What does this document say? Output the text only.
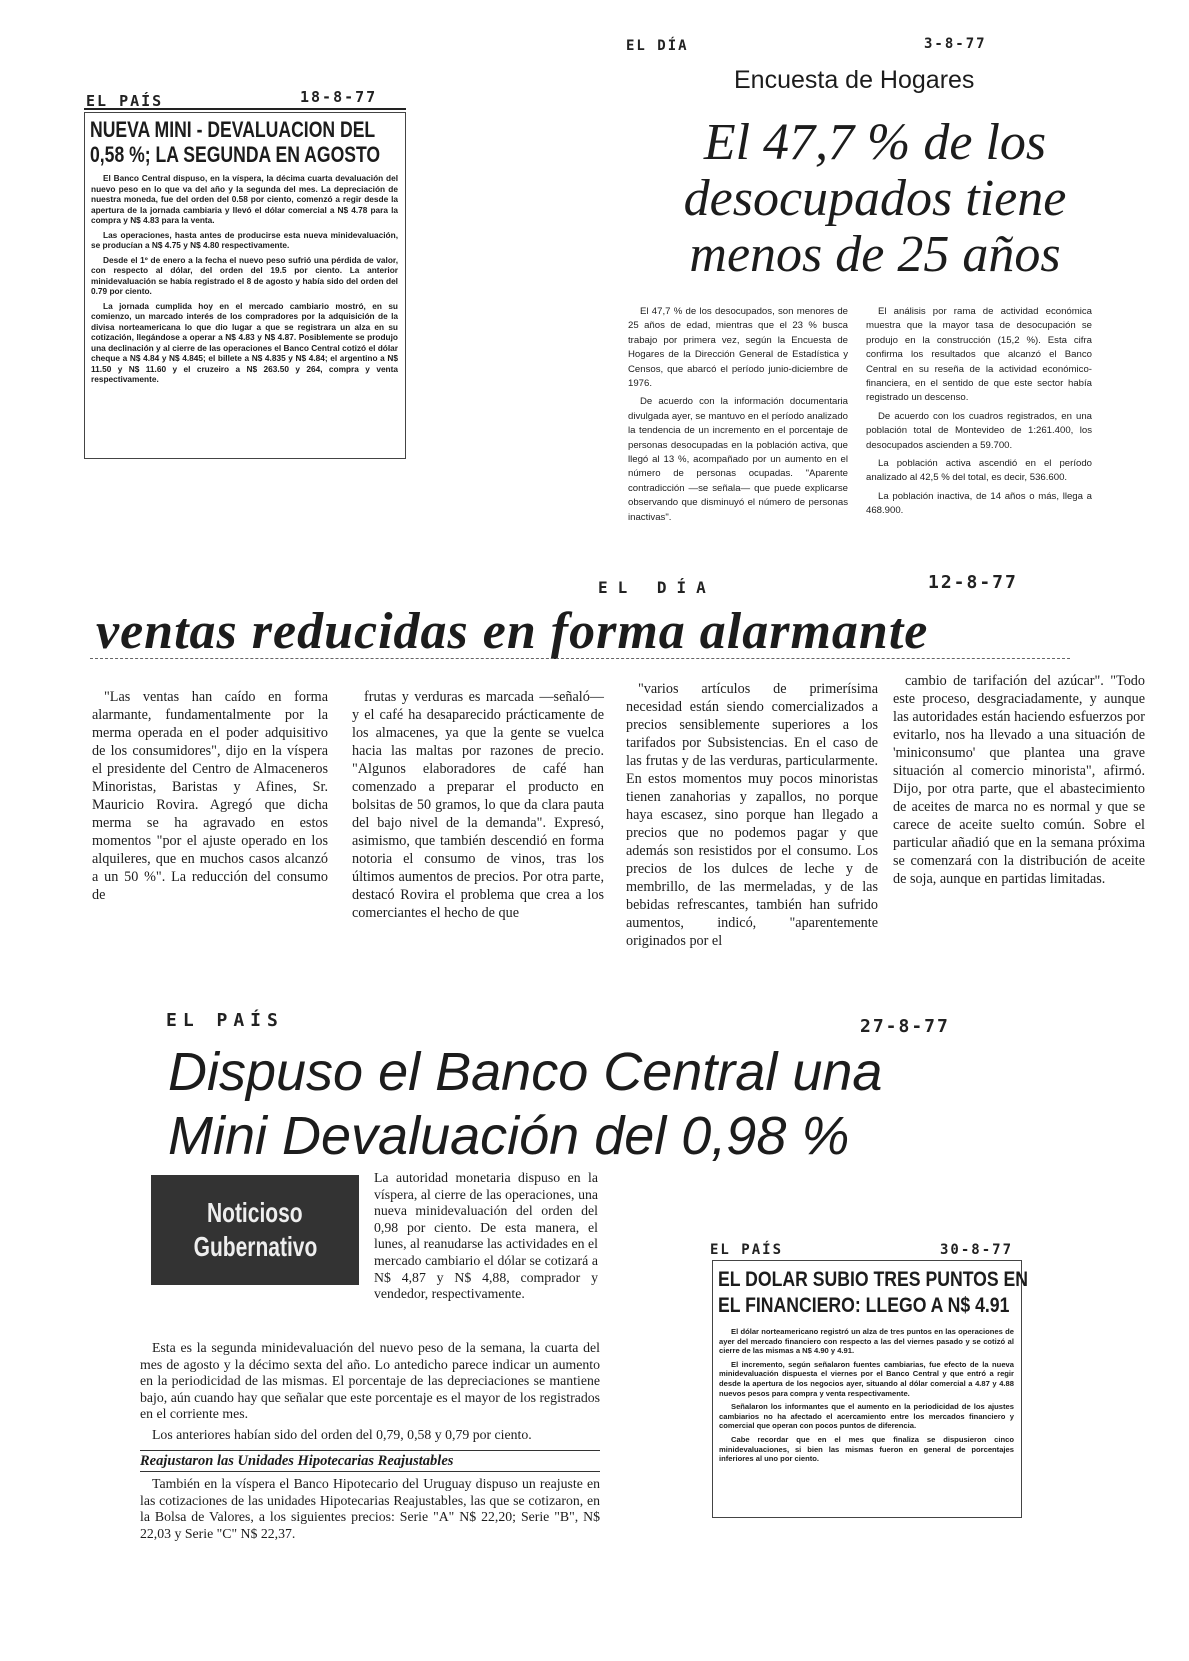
EL PAÍS	18-8-77
NUEVA MINI - DEVALUACION DEL
0,58 %; LA SEGUNDA EN AGOSTO

El Banco Central dispuso, en la víspera, la décima cuarta devaluación del nuevo peso en lo que va del año y la segunda del mes. La depreciación de nuestra moneda, fue del orden del 0.58 por ciento, comenzó a regir desde la apertura de la jornada cambiaria y llevó el dólar comercial a N$ 4.78 para la compra y N$ 4.83 para la venta.

Las operaciones, hasta antes de producirse esta nueva minidevaluación, se producían a N$ 4.75 y N$ 4.80 respectivamente.

Desde el 1º de enero a la fecha el nuevo peso sufrió una pérdida de valor, con respecto al dólar, del orden del 19.5 por ciento. La anterior minidevaluación se había registrado el 8 de agosto y había sido del orden del 0.79 por ciento.

La jornada cumplida hoy en el mercado cambiario mostró, en su comienzo, un marcado interés de los compradores por la adquisición de la divisa norteamericana lo que dio lugar a que se registrara un alza en su cotización, llegándose a operar a N$ 4.83 y N$ 4.87. Posiblemente se produjo una declinación y al cierre de las operaciones el Banco Central cotizó el dólar cheque a N$ 4.84 y N$ 4.845; el billete a N$ 4.835 y N$ 4.84; el argentino a N$ 11.50 y N$ 11.60 y el cruzeiro a N$ 263.50 y 264, compra y venta respectivamente.

EL DÍA	3-8-77
Encuesta de Hogares
El 47,7 % de los
desocupados tiene
menos de 25 años

El 47,7 % de los desocupados, son menores de 25 años de edad, mientras que el 23 % busca trabajo por primera vez, según la Encuesta de Hogares de la Dirección General de Estadística y Censos, que abarcó el período junio-diciembre de 1976.

De acuerdo con la información documentaria divulgada ayer, se mantuvo en el período analizado la tendencia de un incremento en el porcentaje de personas desocupadas en la población activa, que llegó al 13 %, acompañado por un aumento en el número de personas ocupadas. "Aparente contradicción —se señala— que puede explicarse observando que disminuyó el número de personas inactivas".

El análisis por rama de actividad económica muestra que la mayor tasa de desocupación se produjo en la construcción (15,2 %). Esta cifra confirma los resultados que alcanzó el Banco Central en su reseña de la actividad económico-financiera, en el sentido de que este sector había registrado un descenso.

De acuerdo con los cuadros registrados, en una población total de Montevideo de 1:261.400, los desocupados ascienden a 59.700.

La población activa ascendió en el período analizado al 42,5 % del total, es decir, 536.600.

La población inactiva, de 14 años o más, llega a 468.900.

EL DÍA	12-8-77
ventas reducidas en forma alarmante

"Las ventas han caído en forma alarmante, fundamentalmente por la merma operada en el poder adquisitivo de los consumidores", dijo en la víspera el presidente del Centro de Almaceneros Minoristas, Baristas y Afines, Sr. Mauricio Rovira. Agregó que dicha merma se ha agravado en estos momentos "por el ajuste operado en los alquileres, que en muchos casos alcanzó a un 50 %". La reducción del consumo de

frutas y verduras es marcada —señaló— y el café ha desaparecido prácticamente de los almacenes, ya que la gente se vuelca hacia las maltas por razones de precio. "Algunos elaboradores de café han comenzado a preparar el producto en bolsitas de 50 gramos, lo que da clara pauta del bajo nivel de la demanda". Expresó, asimismo, que también descendió en forma notoria el consumo de vinos, tras los últimos aumentos de precios. Por otra parte, destacó Rovira el problema que crea a los comerciantes el hecho de que

"varios artículos de primerísima necesidad están siendo comercializados a precios sensiblemente superiores a los tarifados por Subsistencias. En el caso de las frutas y de las verduras, particularmente. En estos momentos muy pocos minoristas tienen zanahorias y zapallos, no porque haya escasez, sino porque han llegado a precios que no podemos pagar y que además son resistidos por el consumo. Los precios de los dulces de leche y de membrillo, de las mermeladas, y de las bebidas refrescantes, también han sufrido aumentos, indicó, "aparentemente originados por el

cambio de tarifación del azúcar". "Todo este proceso, desgraciadamente, y aunque las autoridades están haciendo esfuerzos por evitarlo, nos ha llevado a una situación de 'miniconsumo' que plantea una grave situación al comercio minorista", afirmó. Dijo, por otra parte, que el abastecimiento de aceites de marca no es normal y que se carece de aceite suelto común. Sobre el particular añadió que en la semana próxima se comenzará con la distribución de aceite de soja, aunque en partidas limitadas.

EL PAÍS	27-8-77
Dispuso el Banco Central una
Mini Devaluación del 0,98 %
Noticioso
Gubernativo

La autoridad monetaria dispuso en la víspera, al cierre de las operaciones, una nueva minidevaluación del orden del 0,98 por ciento. De esta manera, el lunes, al reanudarse las actividades en el mercado cambiario el dólar se cotizará a N$ 4,87 y N$ 4,88, comprador y vendedor, respectivamente.

Esta es la segunda minidevaluación del nuevo peso de la semana, la cuarta del mes de agosto y la décimo sexta del año. Lo antedicho parece indicar un aumento en la periodicidad de las mismas. El porcentaje de las depreciaciones se mantiene bajo, aún cuando hay que señalar que este porcentaje es el mayor de los registrados en el corriente mes.

Los anteriores habían sido del orden del 0,79, 0,58 y 0,79 por ciento.

Reajustaron las Unidades Hipotecarias Reajustables

También en la víspera el Banco Hipotecario del Uruguay dispuso un reajuste en las cotizaciones de las unidades Hipotecarias Reajustables, las que se cotizaron, en la Bolsa de Valores, a los siguientes precios: Serie "A" N$ 22,20; Serie "B", N$ 22,03 y Serie "C" N$ 22,37.

EL PAÍS	30-8-77
EL DOLAR SUBIO TRES PUNTOS EN
EL FINANCIERO: LLEGO A N$ 4.91

El dólar norteamericano registró un alza de tres puntos en las operaciones de ayer del mercado financiero con respecto a las del viernes pasado y se cotizó al cierre de las mismas a N$ 4.90 y 4.91.

El incremento, según señalaron fuentes cambiarias, fue efecto de la nueva minidevaluación dispuesta el viernes por el Banco Central y que entró a regir desde la apertura de los negocios ayer, situando al dólar comercial a 4.87 y 4.88 nuevos pesos para compra y venta respectivamente.

Señalaron los informantes que el aumento en la periodicidad de los ajustes cambiarios no ha afectado el acercamiento entre los mercados financiero y comercial que operan con pocos puntos de diferencia.

Cabe recordar que en el mes que finaliza se dispusieron cinco minidevaluaciones, si bien las mismas fueron en general de porcentajes inferiores al uno por ciento.
